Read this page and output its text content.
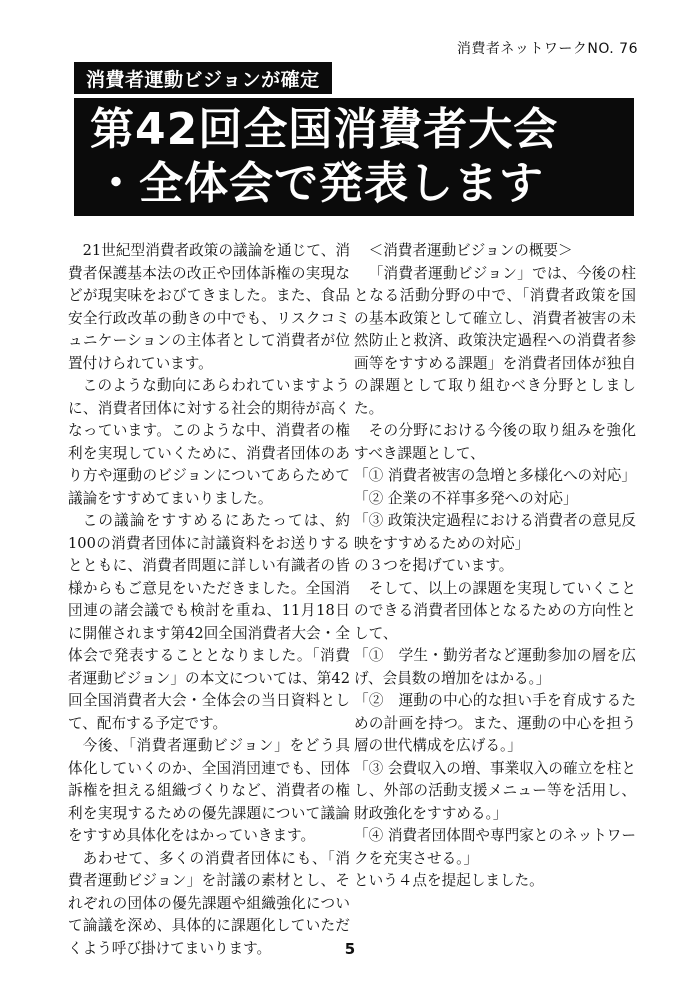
消費者ネットワークNO. 76
消費者運動ビジョンが確定
第42回全国消費者大会
・全体会で発表します

21世紀型消費者政策の議論を通じて、消費者保護基本法の改正や団体訴権の実現などが現実味をおびてきました。また、食品安全行政改革の動きの中でも、リスクコミュニケーションの主体者として消費者が位置付けられています。

このような動向にあらわれていますように、消費者団体に対する社会的期待が高くなっています。このような中、消費者の権利を実現していくために、消費者団体のあり方や運動のビジョンについてあらためて議論をすすめてまいりました。

この議論をすすめるにあたっては、約100の消費者団体に討議資料をお送りするとともに、消費者問題に詳しい有識者の皆様からもご意見をいただきました。全国消団連の諸会議でも検討を重ね、11月18日に開催されます第42回全国消費者大会・全体会で発表することとなりました。「消費者運動ビジョン」の本文については、第42回全国消費者大会・全体会の当日資料として、配布する予定です。

今後、「消費者運動ビジョン」をどう具体化していくのか、全国消団連でも、団体訴権を担える組織づくりなど、消費者の権利を実現するための優先課題について議論をすすめ具体化をはかっていきます。

あわせて、多くの消費者団体にも、「消費者運動ビジョン」を討議の素材とし、それぞれの団体の優先課題や組織強化について論議を深め、具体的に課題化していただくよう呼び掛けてまいります。

＜消費者運動ビジョンの概要＞

「消費者運動ビジョン」では、今後の柱となる活動分野の中で、「消費者政策を国の基本政策として確立し、消費者被害の未然防止と救済、政策決定過程への消費者参画等をすすめる課題」を消費者団体が独自の課題として取り組むべき分野としました。

その分野における今後の取り組みを強化すべき課題として、

「① 消費者被害の急増と多様化への対応」

「② 企業の不祥事多発への対応」

「③ 政策決定過程における消費者の意見反映をすすめるための対応」

の３つを掲げています。

そして、以上の課題を実現していくことのできる消費者団体となるための方向性として、

「①　学生・勤労者など運動参加の層を広げ、会員数の増加をはかる。」

「②　運動の中心的な担い手を育成するための計画を持つ。また、運動の中心を担う層の世代構成を広げる。」

「③ 会費収入の増、事業収入の確立を柱とし、外部の活動支援メニュー等を活用し、財政強化をすすめる。」

「④ 消費者団体間や専門家とのネットワークを充実させる。」

という４点を提起しました。

5
